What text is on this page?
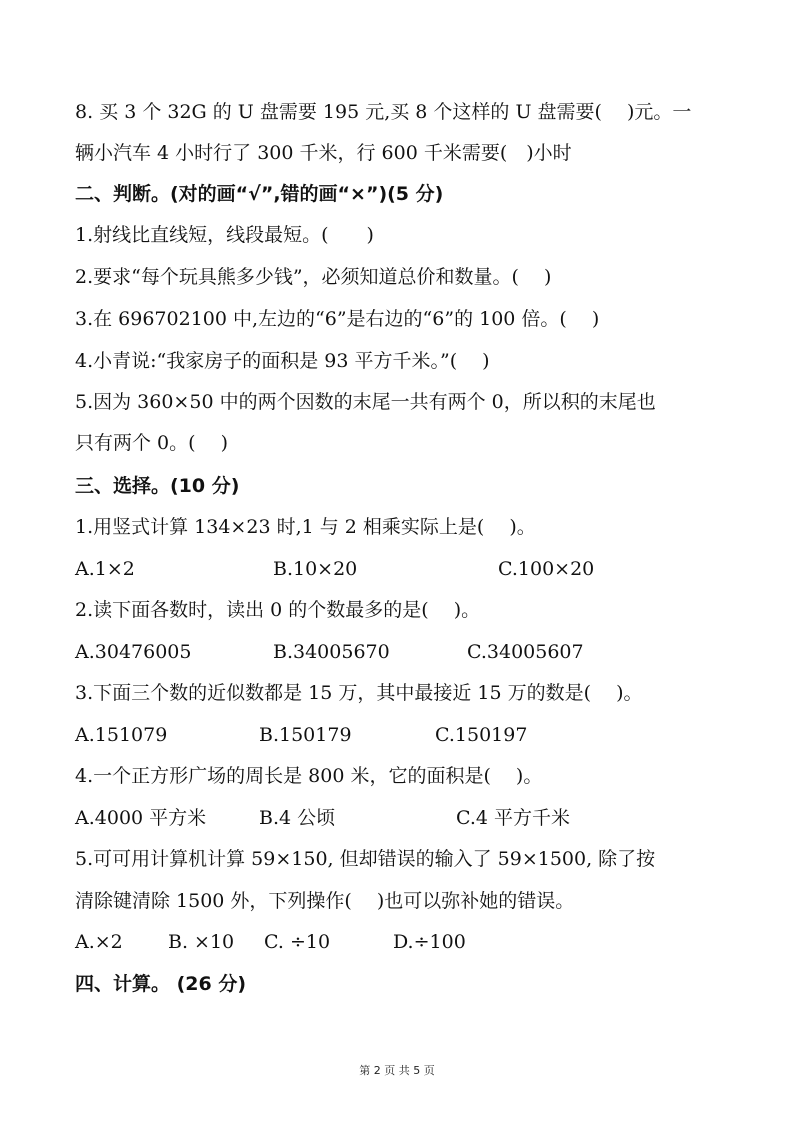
8. 买 3 个 32G 的 U 盘需要 195 元,买 8 个这样的 U 盘需要(　 )元。一
辆小汽车 4 小时行了 300 千米，行 600 千米需要(　)小时
二、判断。(对的画“√”,错的画“×”)(5 分)
1.射线比直线短，线段最短。(　　)
2.要求“每个玩具熊多少钱”，必须知道总价和数量。(　 )
3.在 696702100 中,左边的“6”是右边的“6”的 100 倍。(　 )
4.小青说:“我家房子的面积是 93 平方千米。”(　 )
5.因为 360×50 中的两个因数的末尾一共有两个 0，所以积的末尾也
只有两个 0。(　 )
三、选择。(10 分)
1.用竖式计算 134×23 时,1 与 2 相乘实际上是(　 )。
A.1×2	B.10×20	C.100×20
2.读下面各数时，读出 0 的个数最多的是(　 )。
A.30476005	B.34005670	C.34005607
3.下面三个数的近似数都是 15 万，其中最接近 15 万的数是(　 )。
A.151079	B.150179	C.150197
4.一个正方形广场的周长是 800 米，它的面积是(　 )。
A.4000 平方米	B.4 公顷	C.4 平方千米
5.可可用计算机计算 59×150, 但却错误的输入了 59×1500, 除了按
清除键清除 1500 外，下列操作(　 )也可以弥补她的错误。
A.×2 B. ×10 C. ÷10	D.÷100
四、计算。 (26 分)
第 2 页 共 5 页
